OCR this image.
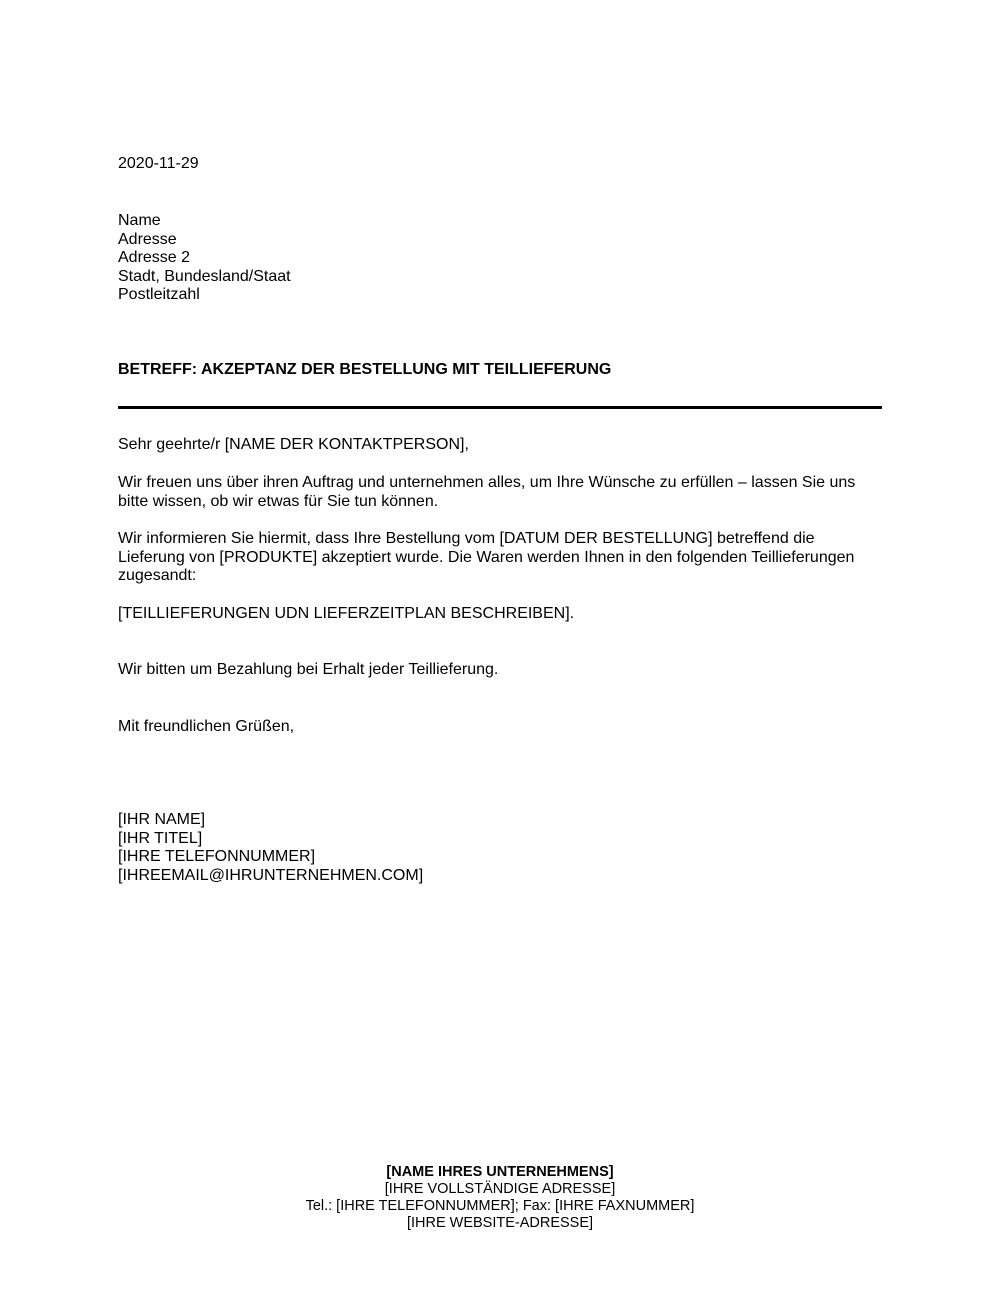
2020-11-29
Name
Adresse
Adresse 2
Stadt, Bundesland/Staat
Postleitzahl
BETREFF: AKZEPTANZ DER BESTELLUNG MIT TEILLIEFERUNG
Sehr geehrte/r [NAME DER KONTAKTPERSON],
Wir freuen uns über ihren Auftrag und unternehmen alles, um Ihre Wünsche zu erfüllen – lassen Sie uns
bitte wissen, ob wir etwas für Sie tun können.
Wir informieren Sie hiermit, dass Ihre Bestellung vom [DATUM DER BESTELLUNG] betreffend die
Lieferung von [PRODUKTE] akzeptiert wurde. Die Waren werden Ihnen in den folgenden Teillieferungen
zugesandt:
[TEILLIEFERUNGEN UDN LIEFERZEITPLAN BESCHREIBEN].
Wir bitten um Bezahlung bei Erhalt jeder Teillieferung.
Mit freundlichen Grüßen,
[IHR NAME]
[IHR TITEL]
[IHRE TELEFONNUMMER]
[IHREEMAIL@IHRUNTERNEHMEN.COM]
[NAME IHRES UNTERNEHMENS]
[IHRE VOLLSTÄNDIGE ADRESSE]
Tel.: [IHRE TELEFONNUMMER]; Fax: [IHRE FAXNUMMER]
[IHRE WEBSITE-ADRESSE]
